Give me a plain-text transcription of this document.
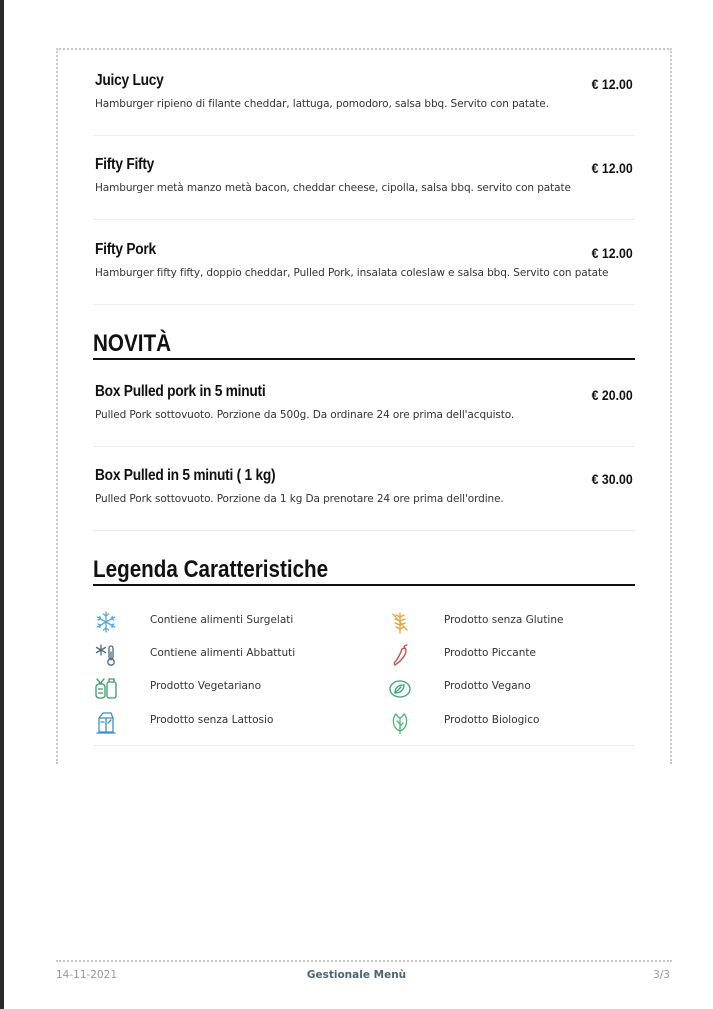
Juicy Lucy	€ 12.00
Hamburger ripieno di filante cheddar, lattuga, pomodoro, salsa bbq. Servito con patate.
Fifty Fifty	€ 12.00
Hamburger metà manzo metà bacon, cheddar cheese, cipolla, salsa bbq. servito con patate
Fifty Pork	€ 12.00
Hamburger fifty fifty, doppio cheddar, Pulled Pork, insalata coleslaw e salsa bbq. Servito con patate
NOVITÀ
Box Pulled pork in 5 minuti	€ 20.00
Pulled Pork sottovuoto. Porzione da 500g. Da ordinare 24 ore prima dell'acquisto.
Box Pulled in 5 minuti ( 1 kg)	€ 30.00
Pulled Pork sottovuoto. Porzione da 1 kg Da prenotare 24 ore prima dell'ordine.
Legenda Caratteristiche
Contiene alimenti Surgelati
Contiene alimenti Abbattuti
Prodotto Vegetariano
Prodotto senza Lattosio
Prodotto senza Glutine
Prodotto Piccante
Prodotto Vegano
Prodotto Biologico
14-11-2021	Gestionale Menù	3/3
